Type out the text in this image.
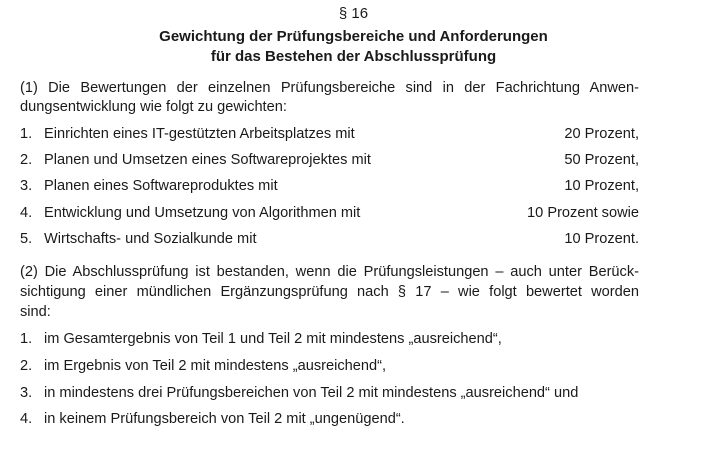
§ 16
Gewichtung der Prüfungsbereiche und Anforderungen
für das Bestehen der Abschlussprüfung
(1) Die Bewertungen der einzelnen Prüfungsbereiche sind in der Fachrichtung Anwen-
dungsentwicklung wie folgt zu gewichten:
1. Einrichten eines IT-gestützten Arbeitsplatzes mit	20 Prozent,
2. Planen und Umsetzen eines Softwareprojektes mit	50 Prozent,
3. Planen eines Softwareproduktes mit	10 Prozent,
4. Entwicklung und Umsetzung von Algorithmen mit	10 Prozent sowie
5. Wirtschafts- und Sozialkunde mit	10 Prozent.
(2) Die Abschlussprüfung ist bestanden, wenn die Prüfungsleistungen – auch unter Berück-
sichtigung einer mündlichen Ergänzungsprüfung nach § 17 – wie folgt bewertet worden
sind:
1. im Gesamtergebnis von Teil 1 und Teil 2 mit mindestens „ausreichend“,
2. im Ergebnis von Teil 2 mit mindestens „ausreichend“,
3. in mindestens drei Prüfungsbereichen von Teil 2 mit mindestens „ausreichend“ und
4. in keinem Prüfungsbereich von Teil 2 mit „ungenügend“.
